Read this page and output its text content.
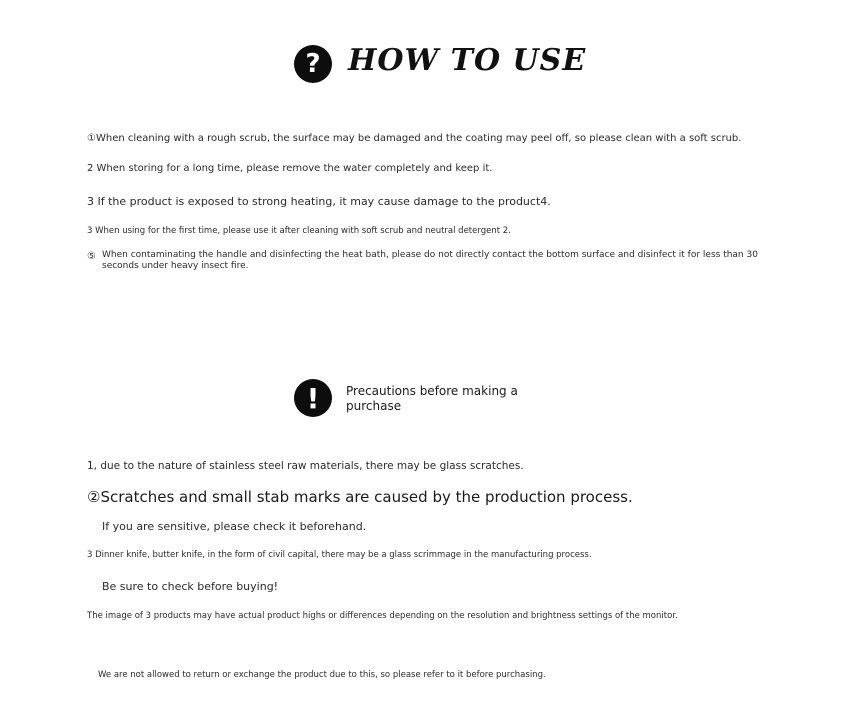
? HOW TO USE
①When cleaning with a rough scrub, the surface may be damaged and the coating may peel off, so please clean with a soft scrub.
2 When storing for a long time, please remove the water completely and keep it.
3 If the product is exposed to strong heating, it may cause damage to the product4.
3 When using for the first time, please use it after cleaning with soft scrub and neutral detergent 2.
⑤ When contaminating the handle and disinfecting the heat bath, please do not directly contact the bottom surface and disinfect it for less than 30 seconds under heavy insect fire.
!	Precautions before making a purchase
1, due to the nature of stainless steel raw materials, there may be glass scratches.
②Scratches and small stab marks are caused by the production process.
If you are sensitive, please check it beforehand.
3 Dinner knife, butter knife, in the form of civil capital, there may be a glass scrimmage in the manufacturing process.
Be sure to check before buying!
The image of 3 products may have actual product highs or differences depending on the resolution and brightness settings of the monitor.
We are not allowed to return or exchange the product due to this, so please refer to it before purchasing.
